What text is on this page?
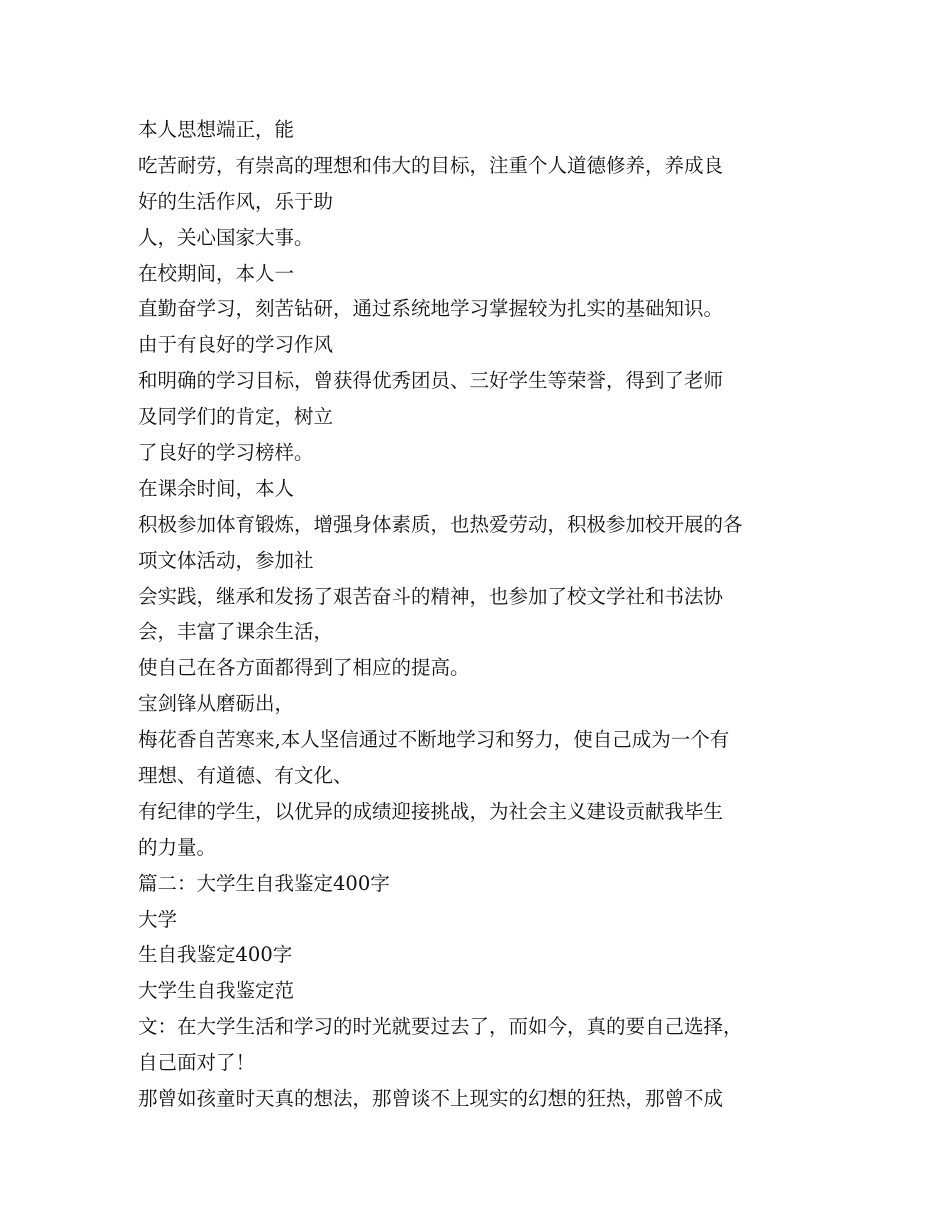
本人思想端正，能
吃苦耐劳，有崇高的理想和伟大的目标，注重个人道德修养，养成良
好的生活作风，乐于助
人，关心国家大事。
在校期间，本人一
直勤奋学习，刻苦钻研，通过系统地学习掌握较为扎实的基础知识。
由于有良好的学习作风
和明确的学习目标，曾获得优秀团员、三好学生等荣誉，得到了老师
及同学们的肯定，树立
了良好的学习榜样。
在课余时间，本人
积极参加体育锻炼，增强身体素质，也热爱劳动，积极参加校开展的各
项文体活动，参加社
会实践，继承和发扬了艰苦奋斗的精神，也参加了校文学社和书法协
会，丰富了课余生活，
使自己在各方面都得到了相应的提高。
宝剑锋从磨砺出，
梅花香自苦寒来,本人坚信通过不断地学习和努力，使自己成为一个有
理想、有道德、有文化、
有纪律的学生，以优异的成绩迎接挑战，为社会主义建设贡献我毕生
的力量。
篇二：大学生自我鉴定400字
大学
生自我鉴定400字
大学生自我鉴定范
文：在大学生活和学习的时光就要过去了，而如今，真的要自己选择，
自己面对了！
那曾如孩童时天真的想法，那曾谈不上现实的幻想的狂热，那曾不成
